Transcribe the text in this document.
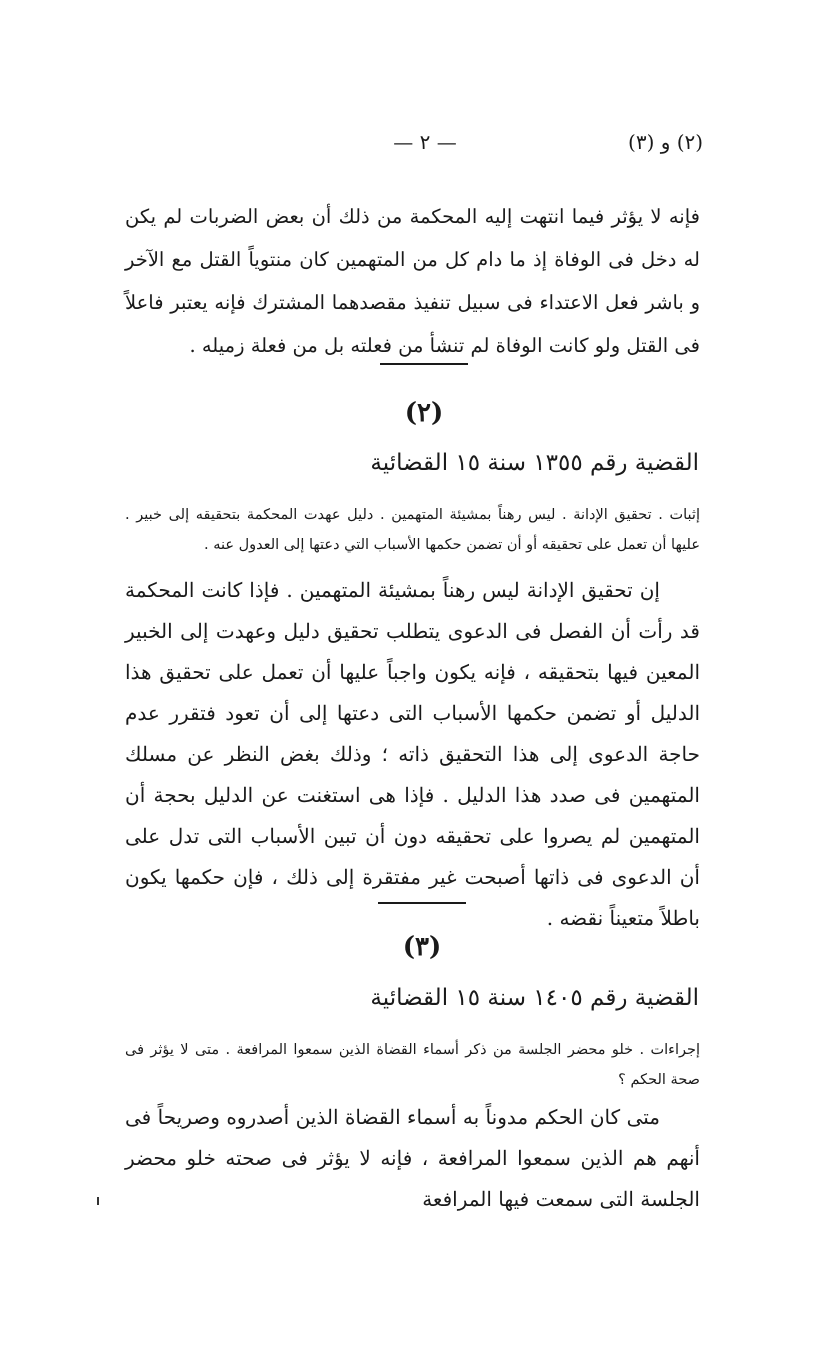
(٢) و (٣)
— ٢ —

فإنه لا يؤثر فيما انتهت إليه المحكمة من ذلك أن بعض الضربات لم يكن له دخل فى الوفاة إذ ما دام كل من المتهمين كان منتوياً القتل مع الآخر و باشر فعل الاعتداء فى سبيل تنفيذ مقصدهما المشترك فإنه يعتبر فاعلاً فى القتل ولو كانت الوفاة لم تنشأ من فعلته بل من فعلة زميله .

(٢)
القضية رقم ١٣٥٥ سنة ١٥ القضائية

إثبات . تحقيق الإدانة . ليس رهناً بمشيئة المتهمين . دليل عهدت المحكمة بتحقيقه إلى خبير . عليها أن تعمل على تحقيقه أو أن تضمن حكمها الأسباب التي دعتها إلى العدول عنه .

إن تحقيق الإدانة ليس رهناً بمشيئة المتهمين . فإذا كانت المحكمة قد رأت أن الفصل فى الدعوى يتطلب تحقيق دليل وعهدت إلى الخبير المعين فيها بتحقيقه ، فإنه يكون واجباً عليها أن تعمل على تحقيق هذا الدليل أو تضمن حكمها الأسباب التى دعتها إلى أن تعود فتقرر عدم حاجة الدعوى إلى هذا التحقيق ذاته ؛ وذلك بغض النظر عن مسلك المتهمين فى صدد هذا الدليل . فإذا هى استغنت عن الدليل بحجة أن المتهمين لم يصروا على تحقيقه دون أن تبين الأسباب التى تدل على أن الدعوى فى ذاتها أصبحت غير مفتقرة إلى ذلك ، فإن حكمها يكون باطلاً متعيناً نقضه .

(٣)
القضية رقم ١٤٠٥ سنة ١٥ القضائية

إجراءات . خلو محضر الجلسة من ذكر أسماء القضاة الذين سمعوا المرافعة . متى لا يؤثر فى صحة الحكم ؟

متى كان الحكم مدوناً به أسماء القضاة الذين أصدروه وصريحاً فى أنهم هم الذين سمعوا المرافعة ، فإنه لا يؤثر فى صحته خلو محضر الجلسة التى سمعت فيها المرافعة
